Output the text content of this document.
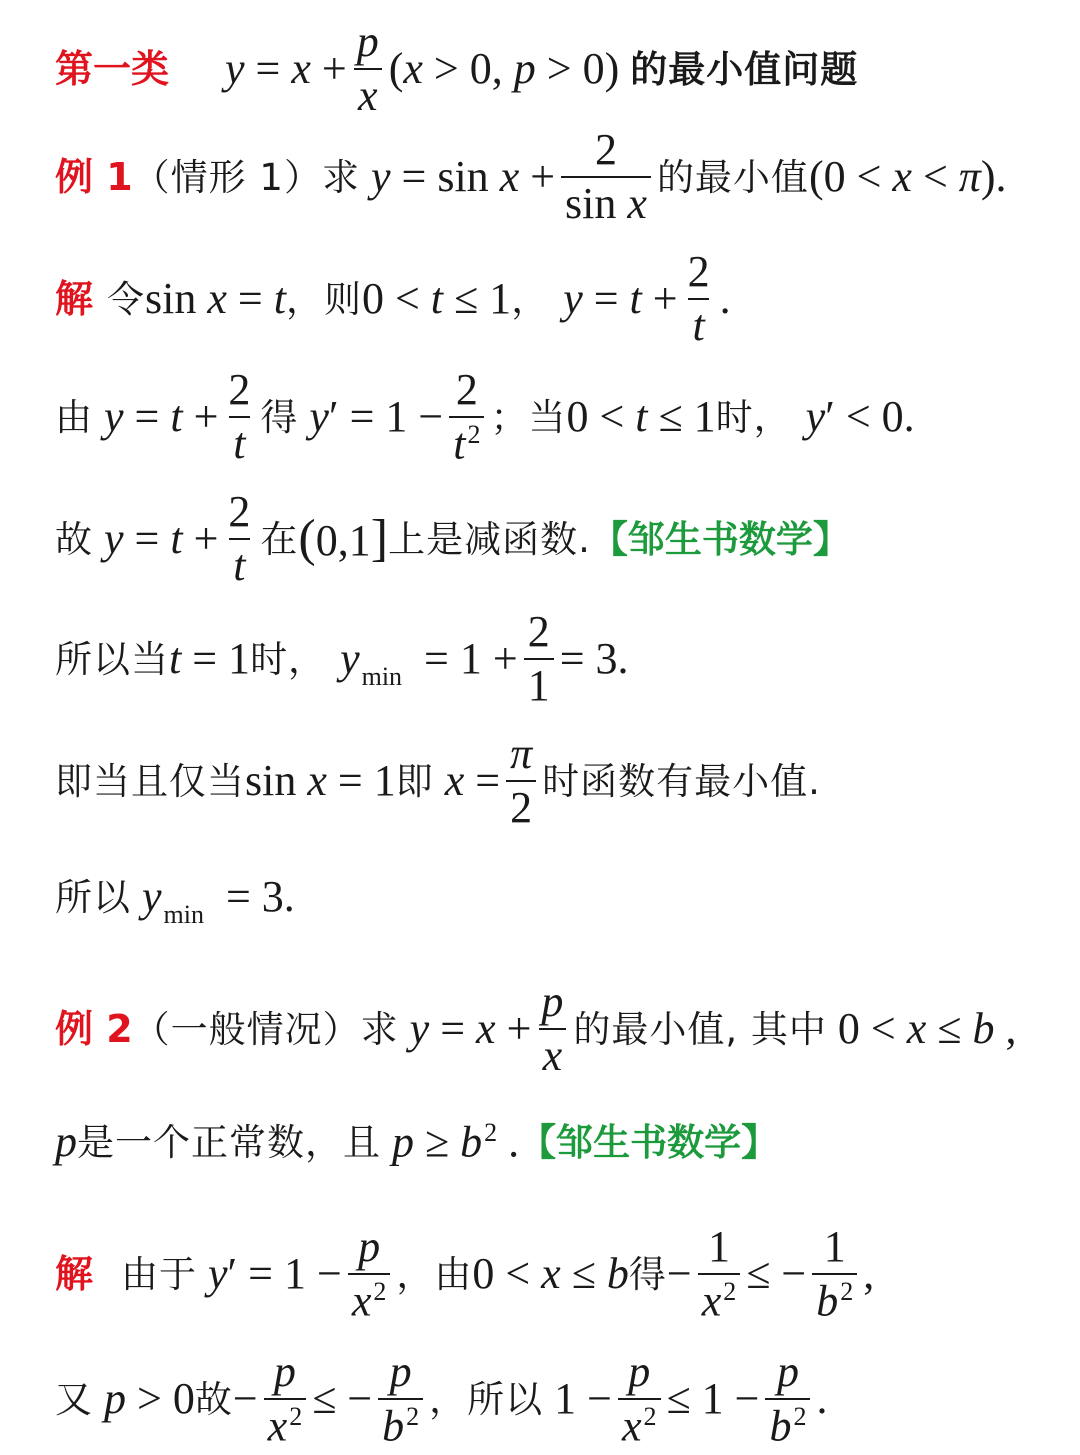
第一类 $y = x + \frac{p}{x} (x > 0$, p > 0) 的最小值问题
例 1 （情形 1）求 $y = \sin x + \frac{2}{\text{sin x}}$ 的最小值 (0 < x < π).
解 令 sin x = t ，则 0 < t ≤ 1 ， $y = t + \frac{2}{t}$ .
由 $y = t + \frac{2}{t}$ 得 $y' = 1 - \frac{2}{t^2}$ ；当 0 < t ≤ 1 时， y′ < 0.
故 $y = t + \frac{2}{t}$ 在 (0,1] 上是减函数. 【邹生书数学】
所以当 t = 1 时， $y_{min} = 1 + \frac{2}{1} = 3$.
即当且仅当 sin x = 1 即 $x = \frac{\pi}{2}$ 时函数有最小值.
所以 $y_{min} = 3$.
例 2 （一般情况）求 $y = x + \frac{p}{x}$ 的最小值, 其中 0 < x ≤ b ,
p 是一个正常数，且 $p \ge b^2$ . 【邹生书数学】
解 由于 $y' = 1 - \frac{p}{x^2}$ ，由 0 < x ≤ b 得 − $\frac{1}{x^2}$ ≤ − $\frac{1}{b^2}$ ,
又 p > 0 故 − $\frac{p}{x^2}$ ≤ − $\frac{p}{b^2}$ ，所以 $1 - \frac{p}{x^2} \le 1 - \frac{p}{b^2}$ .
